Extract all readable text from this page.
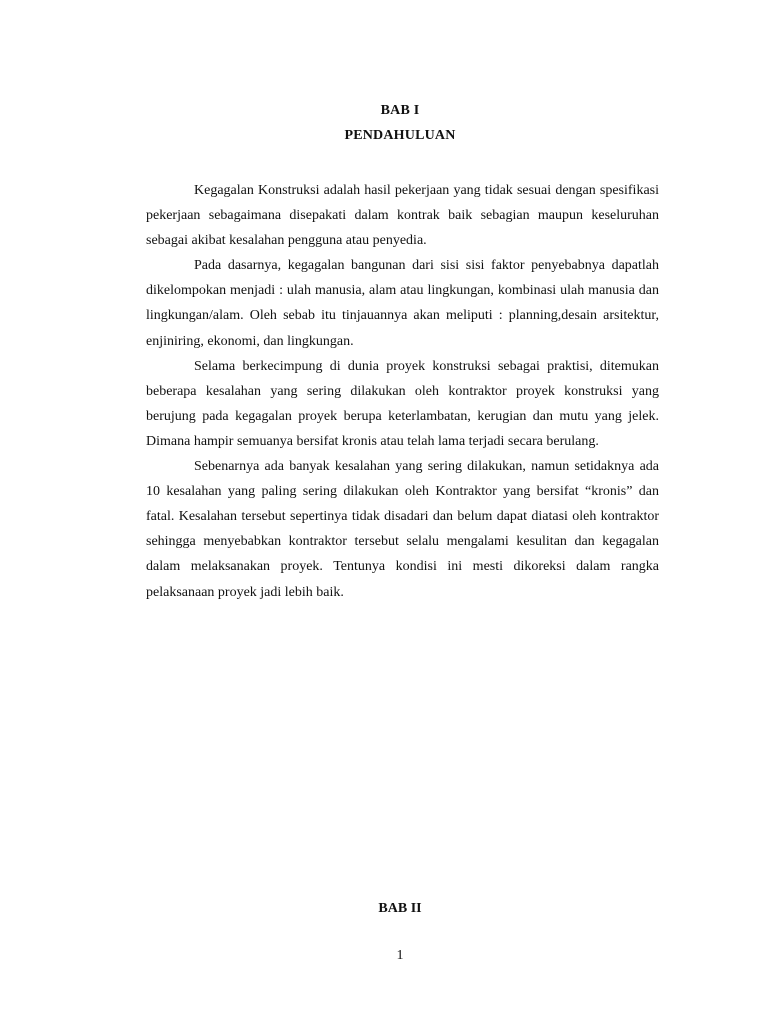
BAB I
PENDAHULUAN

Kegagalan Konstruksi adalah hasil pekerjaan yang tidak sesuai dengan spesifikasi pekerjaan sebagaimana disepakati dalam kontrak baik sebagian maupun keseluruhan sebagai akibat kesalahan pengguna atau penyedia.

Pada dasarnya, kegagalan bangunan dari sisi sisi faktor penyebabnya dapatlah dikelompokan menjadi : ulah manusia, alam atau lingkungan, kombinasi ulah manusia dan lingkungan/alam. Oleh sebab itu tinjauannya akan meliputi : planning,desain arsitektur, enjiniring, ekonomi, dan lingkungan.

Selama berkecimpung di dunia proyek konstruksi sebagai praktisi, ditemukan beberapa kesalahan yang sering dilakukan oleh kontraktor proyek konstruksi yang berujung pada kegagalan proyek berupa keterlambatan, kerugian dan mutu yang jelek. Dimana hampir semuanya bersifat kronis atau telah lama terjadi secara berulang.

Sebenarnya ada banyak kesalahan yang sering dilakukan, namun setidaknya ada 10 kesalahan yang paling sering dilakukan oleh Kontraktor yang bersifat “kronis” dan fatal. Kesalahan tersebut sepertinya tidak disadari dan belum dapat diatasi oleh kontraktor sehingga menyebabkan kontraktor tersebut selalu mengalami kesulitan dan kegagalan dalam melaksanakan proyek. Tentunya kondisi ini mesti dikoreksi dalam rangka pelaksanaan proyek jadi lebih baik.

BAB II
1
